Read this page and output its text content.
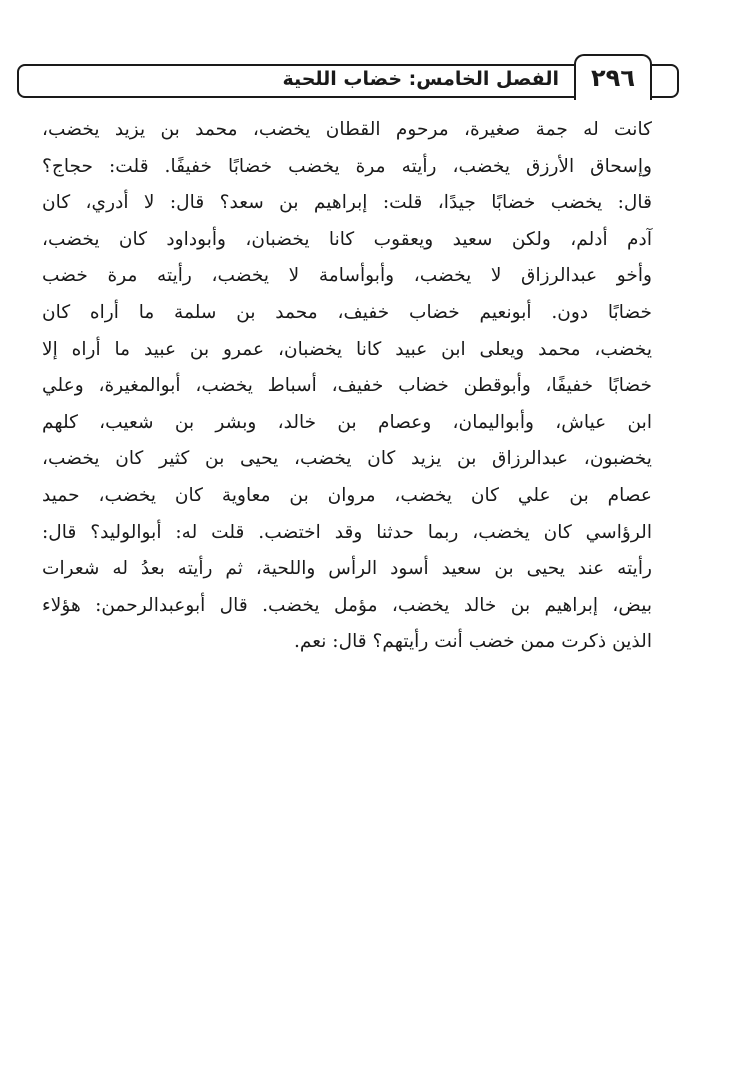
٢٩٦
الفصل الخامس: خضاب اللحية
كانت له جمة صغيرة، مرحوم القطان يخضب، محمد بن يزيد يخضب،
وإسحاق الأرزق يخضب، رأيته مرة يخضب خضابًا خفيفًا. قلت: حجاج؟
قال: يخضب خضابًا جيدًا، قلت: إبراهيم بن سعد؟ قال: لا أدري، كان
آدم أدلم، ولكن سعيد ويعقوب كانا يخضبان، وأبوداود كان يخضب،
وأخو عبدالرزاق لا يخضب، وأبوأسامة لا يخضب، رأيته مرة خضب
خضابًا دون. أبونعيم خضاب خفيف، محمد بن سلمة ما أراه كان
يخضب، محمد ويعلى ابن عبيد كانا يخضبان، عمرو بن عبيد ما أراه إلا
خضابًا خفيفًا، وأبوقطن خضاب خفيف، أسباط يخضب، أبوالمغيرة، وعلي
ابن عياش، وأبواليمان، وعصام بن خالد، وبشر بن شعيب، كلهم
يخضبون، عبدالرزاق بن يزيد كان يخضب، يحيى بن كثير كان يخضب،
عصام بن علي كان يخضب، مروان بن معاوية كان يخضب، حميد
الرؤاسي كان يخضب، ربما حدثنا وقد اختضب. قلت له: أبوالوليد؟ قال:
رأيته عند يحيى بن سعيد أسود الرأس واللحية، ثم رأيته بعدُ له شعرات
بيض، إبراهيم بن خالد يخضب، مؤمل يخضب. قال أبوعبدالرحمن: هؤلاء
الذين ذكرت ممن خضب أنت رأيتهم؟ قال: نعم.
